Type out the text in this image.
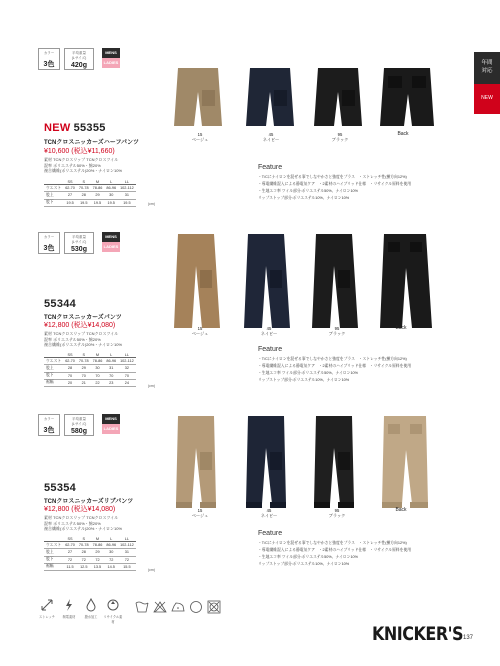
年間
対応
NEW
カラー
3色
平均重量
(Lサイズ)
420g
MENS
LADIES
NEW 55355
TCNクロスニッカーズハーフパンツ
¥10,600 (税込¥11,660)
素材 TCNクロスリップ TCNクロスツイル
混率 ポリエステル50%・綿20%
複合繊維(ポリエステル)20%・ナイロン10%
	SS	S	M	L	LL
ウエスト	62-70	70-78	78-86	86-96	102-112
股上	27	28	29	30	31
股下	19.5	19.5	19.5	19.5	19.5	(cm)
15
ベージュ
45
ネイビー
95
ブラック
Back
Feature
・T/Cにナイロンを混ぜる事でしなやかさと強度をプラス　・ストレッチ性(横方向12%)
・導電繊維混入による静電気ケア　・2素材のハイブリッド仕様　・リサイクル原料を使用
・生地エコ率 ツイル部分:ポリエステル50%、ナイロン10%
リップストップ部分:ポリエステル10%、ナイロン10%
カラー
3色
平均重量
(Lサイズ)
530g
MENS
LADIES
55344
TCNクロスニッカーズパンツ
¥12,800 (税込¥14,080)
素材 TCNクロスリップ TCNクロスツイル
混率 ポリエステル50%・綿20%
複合繊維(ポリエステル)20%・ナイロン10%
	SS	S	M	L	LL
ウエスト	62-70	70-78	78-86	86-96	102-112
股上	28	29	30	31	32
股下	70	70	70	70	70
裾幅	20	21	22	23	24
(cm)
15
ベージュ
45
ネイビー
95
ブラック
Back
Feature
・T/Cにナイロンを混ぜる事でしなやかさと強度をプラス　・ストレッチ性(横方向12%)
・導電繊維混入による静電気ケア　・2素材のハイブリッド仕様　・リサイクル原料を使用
・生地エコ率 ツイル部分:ポリエステル50%、ナイロン10%
リップストップ部分:ポリエステル10%、ナイロン10%
カラー
3色
平均重量
(Lサイズ)
580g
MENS
LADIES
55354
TCNクロスニッカーズリブパンツ
¥12,800 (税込¥14,080)
素材 TCNクロスリップ TCNクロスツイル
混率 ポリエステル50%・綿20%
複合繊維(ポリエステル)20%・ナイロン10%
	SS	S	M	L	LL
ウエスト	62-70	70-78	78-86	86-96	102-112
股上	27	28	29	30	31
股下	72	72	72	72	72
裾幅	11.5	12.5	13.5	14.5	15.5
(cm)
15
ベージュ
45
ネイビー
95
ブラック
Back
Feature
・T/Cにナイロンを混ぜる事でしなやかさと強度をプラス　・ストレッチ性(横方向12%)
・導電繊維混入による静電気ケア　・2素材のハイブリッド仕様　・リサイクル原料を使用
・生地エコ率 ツイル部分:ポリエステル50%、ナイロン10%
リップストップ部分:ポリエステル10%、ナイロン10%
ストレッチ	制電素材	撥水加工	リサイクル素材
KNICKER'S 137
